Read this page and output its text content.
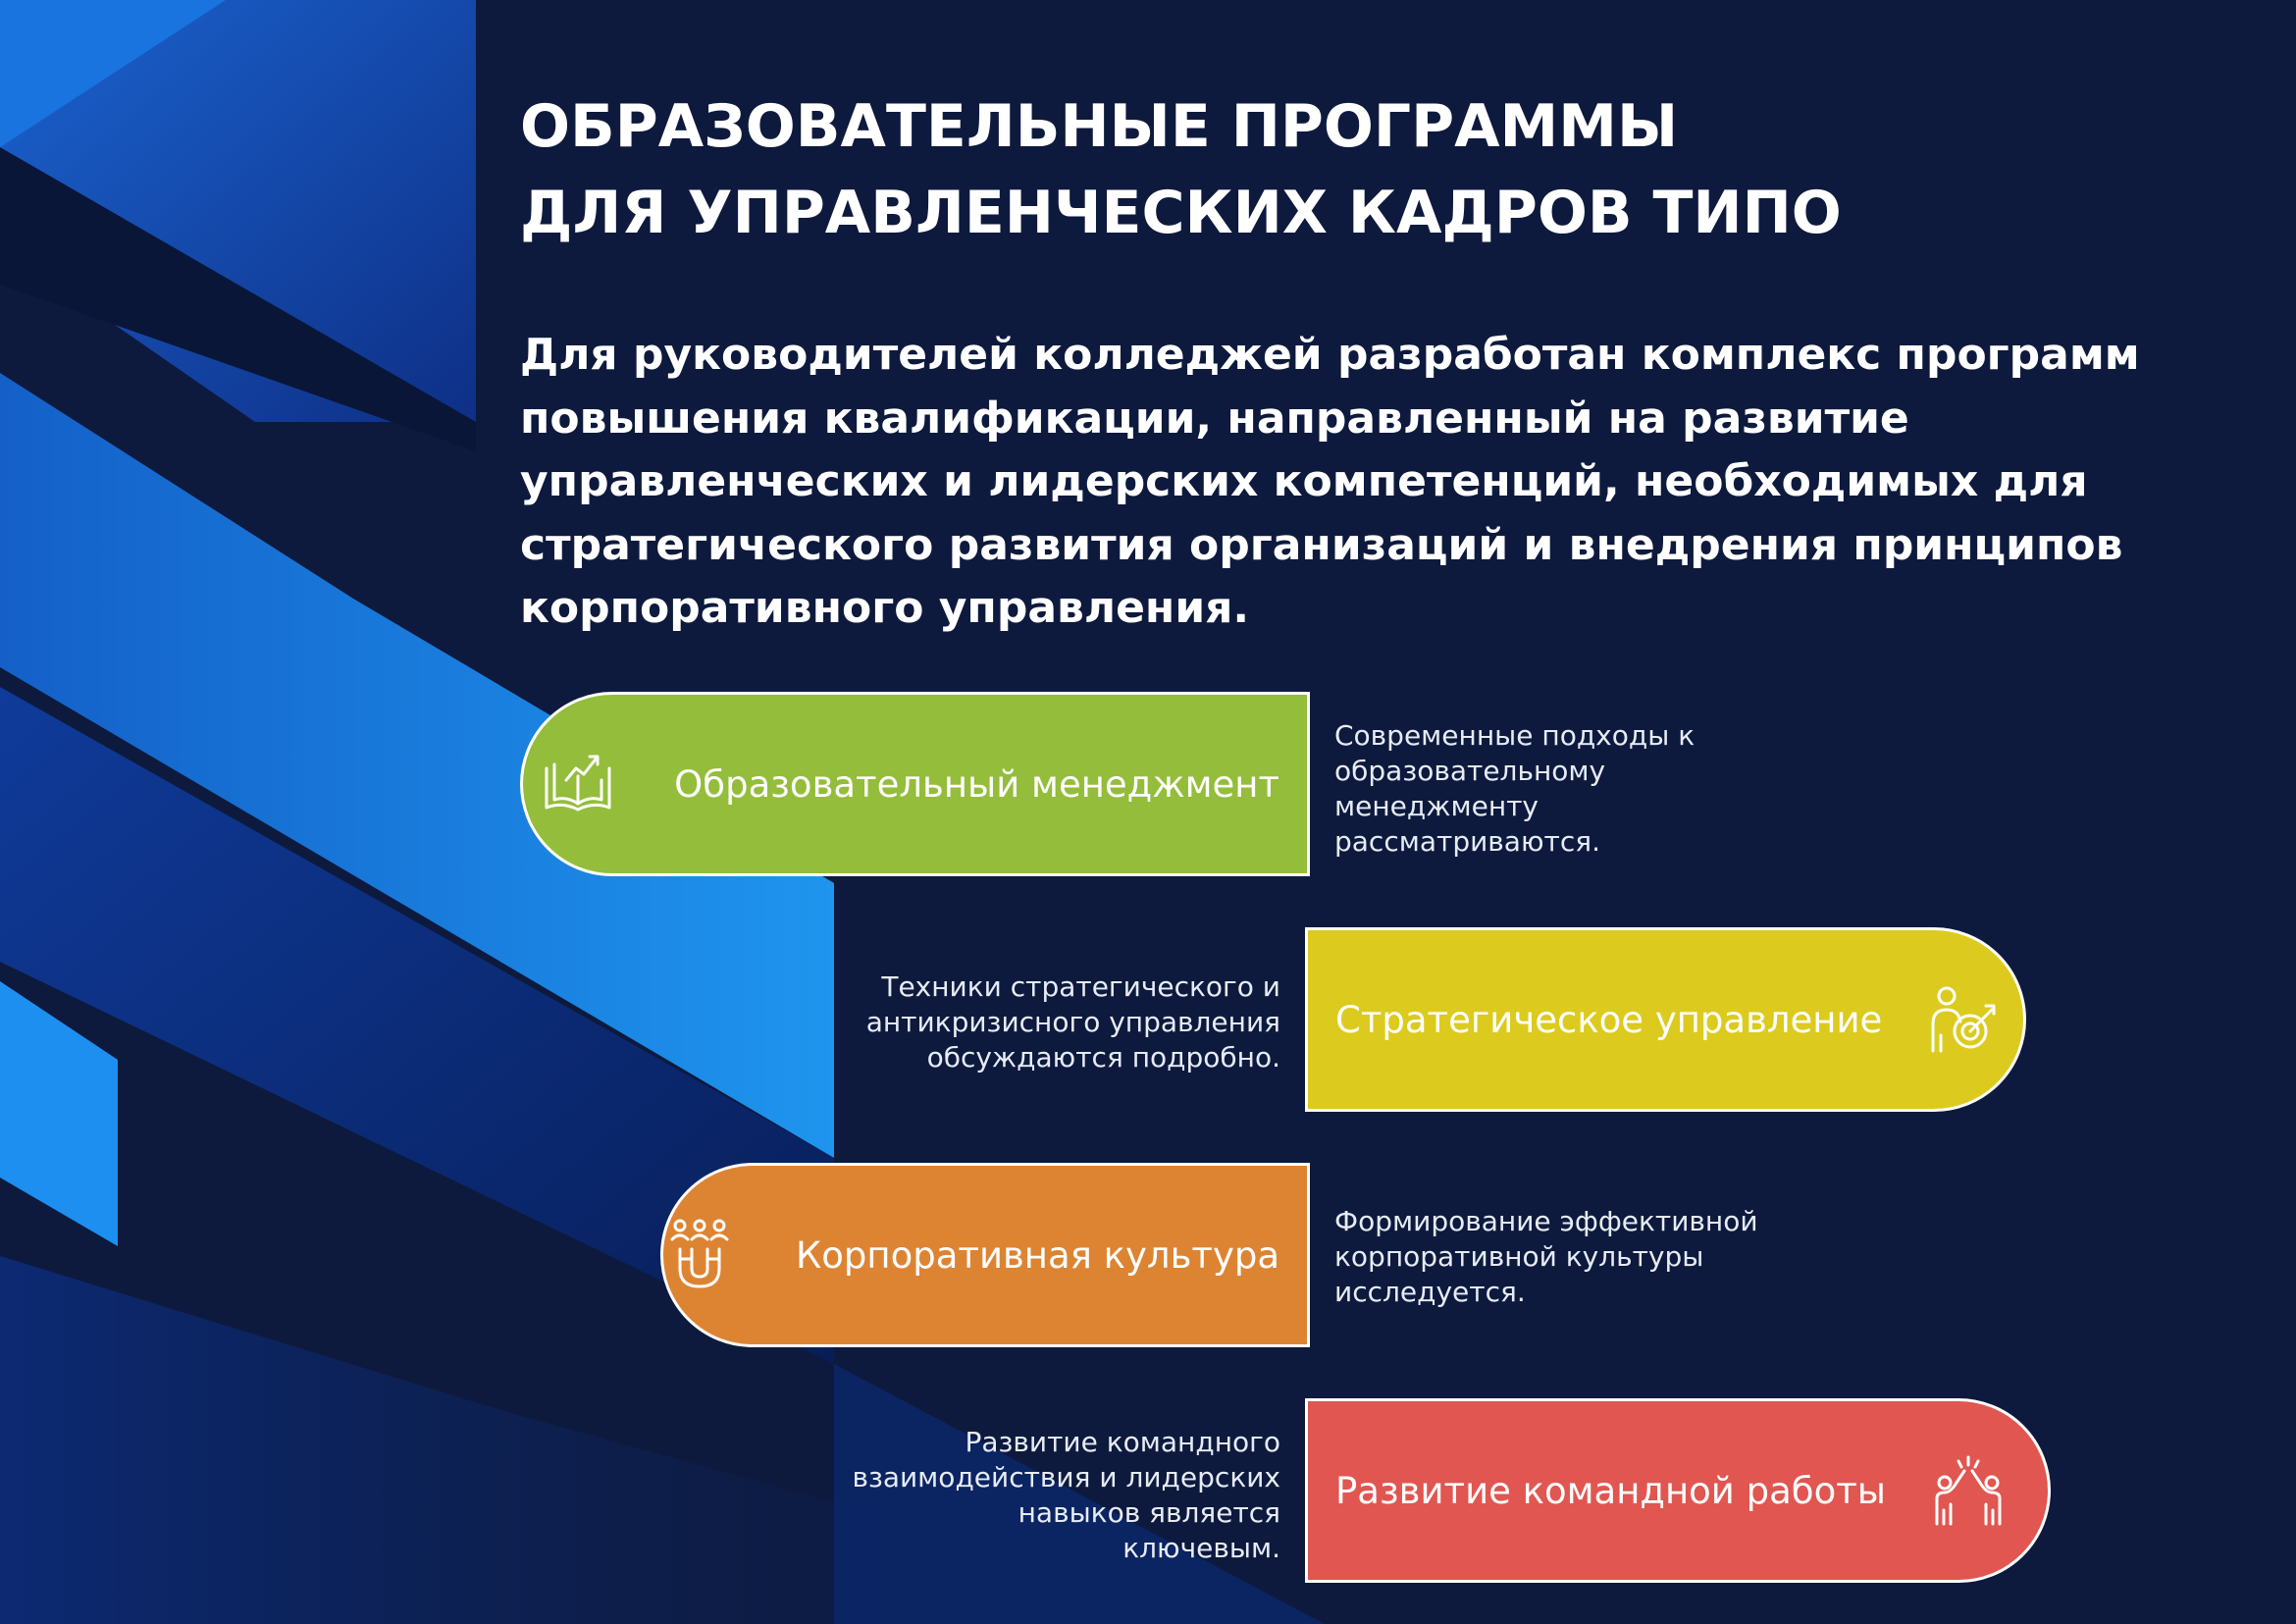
ОБРАЗОВАТЕЛЬНЫЕ ПРОГРАММЫ
ДЛЯ УПРАВЛЕНЧЕСКИХ КАДРОВ ТИПО

Для руководителей колледжей разработан комплекс программ
повышения квалификации, направленный на развитие
управленческих и лидерских компетенций, необходимых для
стратегического развития организаций и внедрения принципов
корпоративного управления.

Образовательный менеджмент
Современные подходы к
образовательному
менеджменту
рассматриваются.
Техники стратегического и
антикризисного управления
обсуждаются подробно.
Стратегическое управление
Корпоративная культура
Формирование эффективной
корпоративной культуры
исследуется.
Развитие командного
взаимодействия и лидерских
навыков является
ключевым.
Развитие командной работы
